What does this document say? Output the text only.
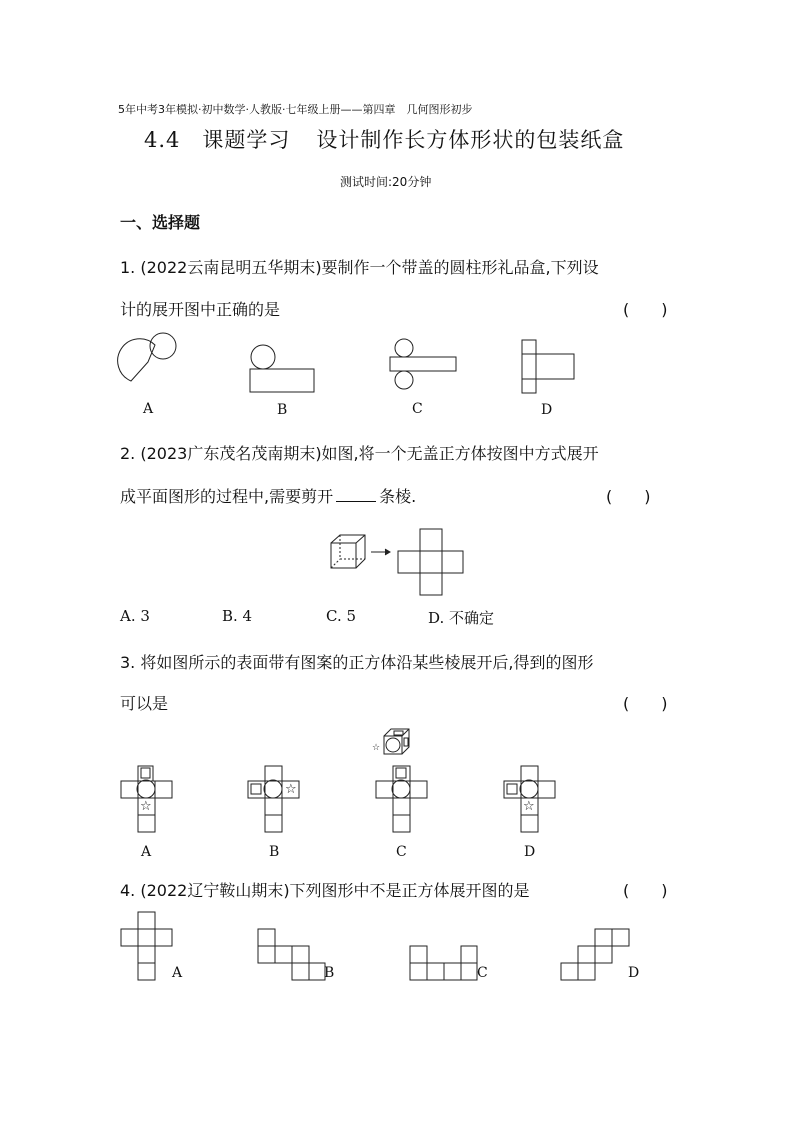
5年中考3年模拟·初中数学·人教版·七年级上册——第四章　几何图形初步
4.4 课题学习 设计制作长方体形状的包装纸盒
测试时间:20分钟
一、选择题
1. (2022云南昆明五华期末)要制作一个带盖的圆柱形礼品盒,下列设
计的展开图中正确的是	(　　)
A	B	C	D
2. (2023广东茂名茂南期末)如图,将一个无盖正方体按图中方式展开
成平面图形的过程中,需要剪开	条棱.	(　　)
A. 3	B. 4	C. 5	D. 不确定
3. 将如图所示的表面带有图案的正方体沿某些棱展开后,得到的图形
可以是	(　　)
☆
☆
☆
☆
A	B	C	D
4. (2022辽宁鞍山期末)下列图形中不是正方体展开图的是	(　　)
A	B	C	D
